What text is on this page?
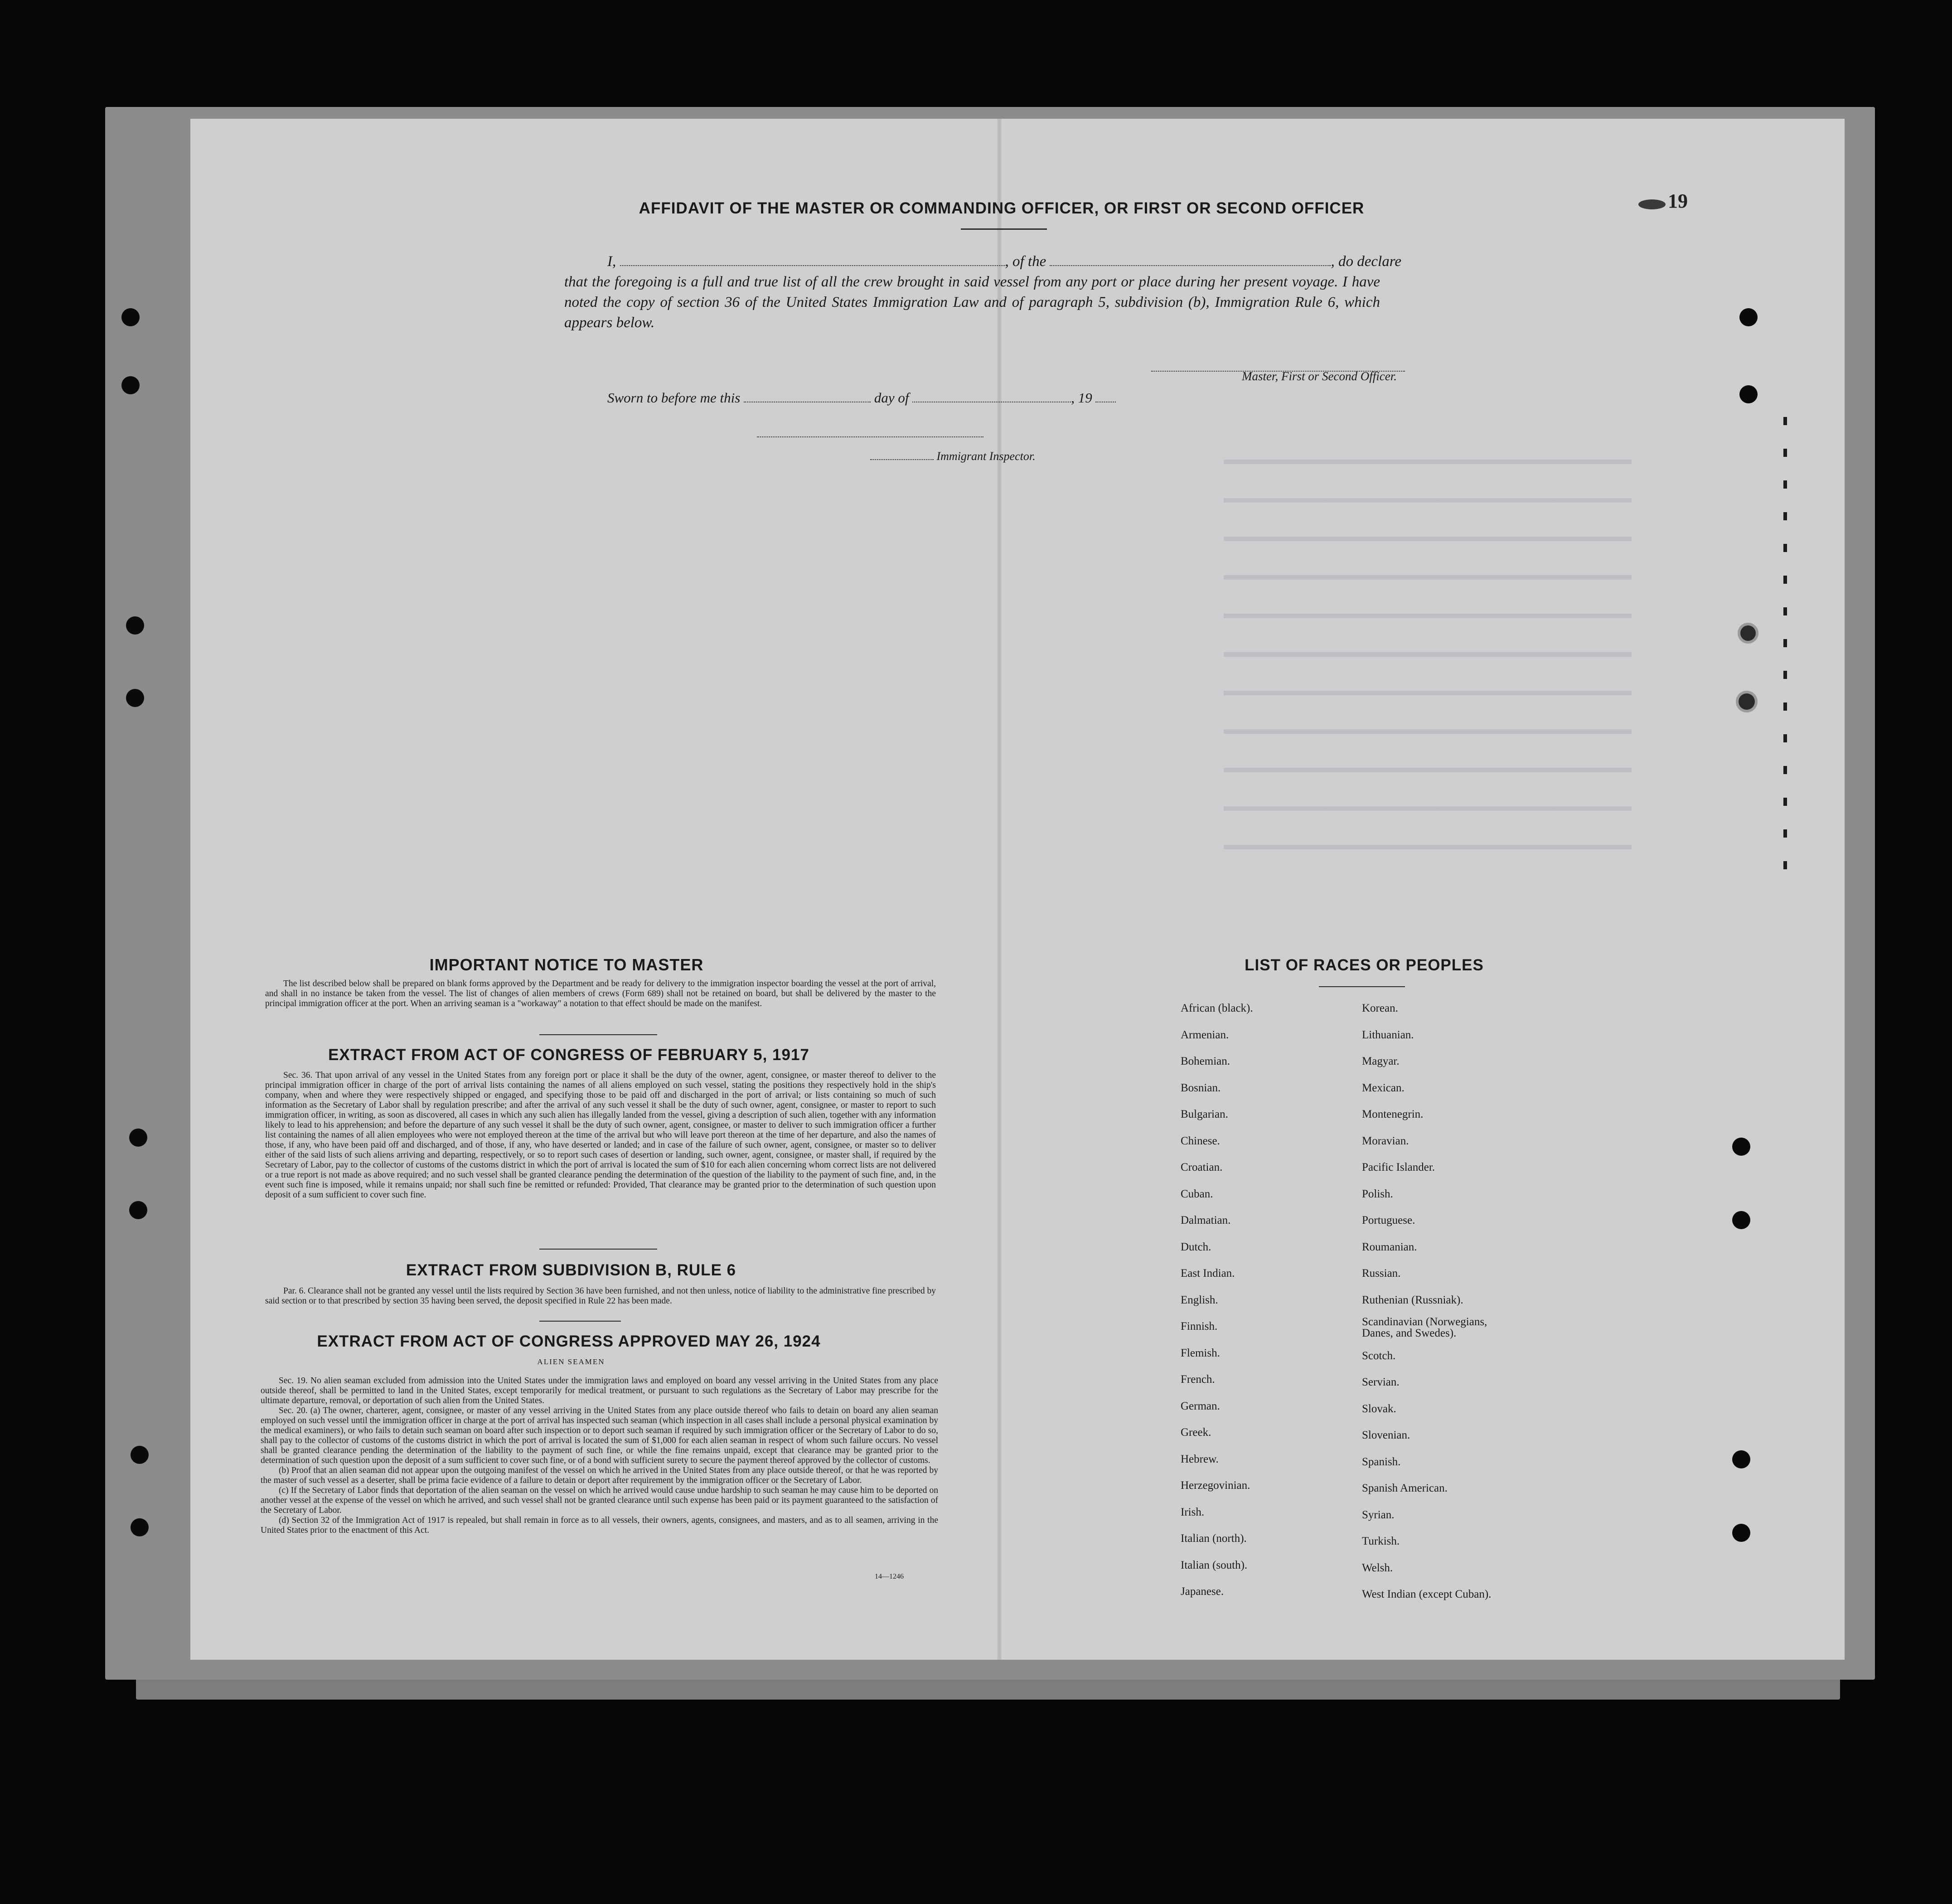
AFFIDAVIT OF THE MASTER OR COMMANDING OFFICER, OR FIRST OR SECOND OFFICER	19
I,	, of the	, do declare
that the foregoing is a full and true list of all the crew brought in said vessel from any port or place during her present voyage. I have noted the copy of section 36 of the United States Immigration Law and of paragraph 5, subdivision (b), Immigration Rule 6, which appears below.
Master, First or Second Officer.
Sworn to before me this	day of	, 19
Immigrant Inspector.
IMPORTANT NOTICE TO MASTER

The list described below shall be prepared on blank forms approved by the Department and be ready for delivery to the immigration inspector boarding the vessel at the port of arrival, and shall in no instance be taken from the vessel. The list of changes of alien members of crews (Form 689) shall not be retained on board, but shall be delivered by the master to the principal immigration officer at the port. When an arriving seaman is a "workaway" a notation to that effect should be made on the manifest.

EXTRACT FROM ACT OF CONGRESS OF FEBRUARY 5, 1917

Sec. 36. That upon arrival of any vessel in the United States from any foreign port or place it shall be the duty of the owner, agent, consignee, or master thereof to deliver to the principal immigration officer in charge of the port of arrival lists containing the names of all aliens employed on such vessel, stating the positions they respectively hold in the ship's company, when and where they were respectively shipped or engaged, and specifying those to be paid off and discharged in the port of arrival; or lists containing so much of such information as the Secretary of Labor shall by regulation prescribe; and after the arrival of any such vessel it shall be the duty of such owner, agent, consignee, or master to report to such immigration officer, in writing, as soon as discovered, all cases in which any such alien has illegally landed from the vessel, giving a description of such alien, together with any information likely to lead to his apprehension; and before the departure of any such vessel it shall be the duty of such owner, agent, consignee, or master to deliver to such immigration officer a further list containing the names of all alien employees who were not employed thereon at the time of the arrival but who will leave port thereon at the time of her departure, and also the names of those, if any, who have been paid off and discharged, and of those, if any, who have deserted or landed; and in case of the failure of such owner, agent, consignee, or master so to deliver either of the said lists of such aliens arriving and departing, respectively, or so to report such cases of desertion or landing, such owner, agent, consignee, or master shall, if required by the Secretary of Labor, pay to the collector of customs of the customs district in which the port of arrival is located the sum of $10 for each alien concerning whom correct lists are not delivered or a true report is not made as above required; and no such vessel shall be granted clearance pending the determination of the question of the liability to the payment of such fine, and, in the event such fine is imposed, while it remains unpaid; nor shall such fine be remitted or refunded: Provided, That clearance may be granted prior to the determination of such question upon deposit of a sum sufficient to cover such fine.

EXTRACT FROM SUBDIVISION B, RULE 6

Par. 6. Clearance shall not be granted any vessel until the lists required by Section 36 have been furnished, and not then unless, notice of liability to the administrative fine prescribed by said section or to that prescribed by section 35 having been served, the deposit specified in Rule 22 has been made.

EXTRACT FROM ACT OF CONGRESS APPROVED MAY 26, 1924
ALIEN SEAMEN

Sec. 19. No alien seaman excluded from admission into the United States under the immigration laws and employed on board any vessel arriving in the United States from any place outside thereof, shall be permitted to land in the United States, except temporarily for medical treatment, or pursuant to such regulations as the Secretary of Labor may prescribe for the ultimate departure, removal, or deportation of such alien from the United States.

Sec. 20. (a) The owner, charterer, agent, consignee, or master of any vessel arriving in the United States from any place outside thereof who fails to detain on board any alien seaman employed on such vessel until the immigration officer in charge at the port of arrival has inspected such seaman (which inspection in all cases shall include a personal physical examination by the medical examiners), or who fails to detain such seaman on board after such inspection or to deport such seaman if required by such immigration officer or the Secretary of Labor to do so, shall pay to the collector of customs of the customs district in which the port of arrival is located the sum of $1,000 for each alien seaman in respect of whom such failure occurs. No vessel shall be granted clearance pending the determination of the liability to the payment of such fine, or while the fine remains unpaid, except that clearance may be granted prior to the determination of such question upon the deposit of a sum sufficient to cover such fine, or of a bond with sufficient surety to secure the payment thereof approved by the collector of customs.

(b) Proof that an alien seaman did not appear upon the outgoing manifest of the vessel on which he arrived in the United States from any place outside thereof, or that he was reported by the master of such vessel as a deserter, shall be prima facie evidence of a failure to detain or deport after requirement by the immigration officer or the Secretary of Labor.

(c) If the Secretary of Labor finds that deportation of the alien seaman on the vessel on which he arrived would cause undue hardship to such seaman he may cause him to be deported on another vessel at the expense of the vessel on which he arrived, and such vessel shall not be granted clearance until such expense has been paid or its payment guaranteed to the satisfaction of the Secretary of Labor.

(d) Section 32 of the Immigration Act of 1917 is repealed, but shall remain in force as to all vessels, their owners, agents, consignees, and masters, and as to all seamen, arriving in the United States prior to the enactment of this Act.

14—1246
LIST OF RACES OR PEOPLES
African (black).
Armenian.
Bohemian.
Bosnian.
Bulgarian.
Chinese.
Croatian.
Cuban.
Dalmatian.
Dutch.
East Indian.
English.
Finnish.
Flemish.
French.
German.
Greek.
Hebrew.
Herzegovinian.
Irish.
Italian (north).
Italian (south).
Japanese.
Korean.
Lithuanian.
Magyar.
Mexican.
Montenegrin.
Moravian.
Pacific Islander.
Polish.
Portuguese.
Roumanian.
Russian.
Ruthenian (Russniak).
Scandinavian (Norwegians, Danes, and Swedes).
Scotch.
Servian.
Slovak.
Slovenian.
Spanish.
Spanish American.
Syrian.
Turkish.
Welsh.
West Indian (except Cuban).
